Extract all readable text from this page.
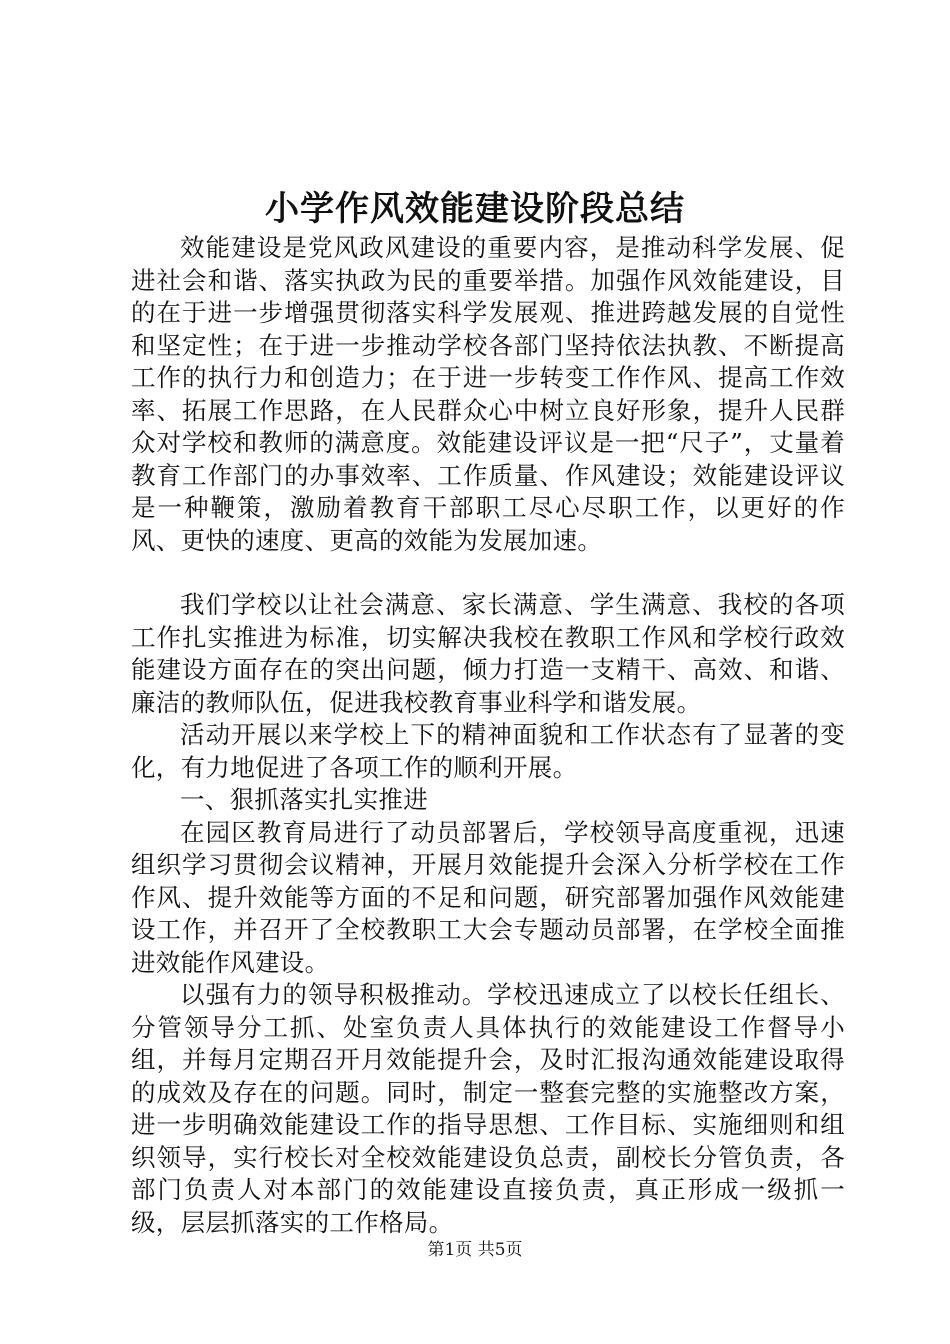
小学作风效能建设阶段总结

效能建设是党风政风建设的重要内容，是推动科学发展、促进社会和谐、落实执政为民的重要举措。加强作风效能建设，目的在于进一步增强贯彻落实科学发展观、推进跨越发展的自觉性和坚定性；在于进一步推动学校各部门坚持依法执教、不断提高工作的执行力和创造力；在于进一步转变工作作风、提高工作效率、拓展工作思路，在人民群众心中树立良好形象，提升人民群众对学校和教师的满意度。效能建设评议是一把“尺子”，丈量着教育工作部门的办事效率、工作质量、作风建设；效能建设评议是一种鞭策，激励着教育干部职工尽心尽职工作，以更好的作风、更快的速度、更高的效能为发展加速。

我们学校以让社会满意、家长满意、学生满意、我校的各项工作扎实推进为标准，切实解决我校在教职工作风和学校行政效能建设方面存在的突出问题，倾力打造一支精干、高效、和谐、廉洁的教师队伍，促进我校教育事业科学和谐发展。

活动开展以来学校上下的精神面貌和工作状态有了显著的变化，有力地促进了各项工作的顺利开展。

一、狠抓落实扎实推进

在园区教育局进行了动员部署后，学校领导高度重视，迅速组织学习贯彻会议精神，开展月效能提升会深入分析学校在工作作风、提升效能等方面的不足和问题，研究部署加强作风效能建设工作，并召开了全校教职工大会专题动员部署，在学校全面推进效能作风建设。

以强有力的领导积极推动。学校迅速成立了以校长任组长、分管领导分工抓、处室负责人具体执行的效能建设工作督导小组，并每月定期召开月效能提升会，及时汇报沟通效能建设取得的成效及存在的问题。同时，制定一整套完整的实施整改方案，进一步明确效能建设工作的指导思想、工作目标、实施细则和组织领导，实行校长对全校效能建设负总责，副校长分管负责，各部门负责人对本部门的效能建设直接负责，真正形成一级抓一级，层层抓落实的工作格局。

第1页 共5页
